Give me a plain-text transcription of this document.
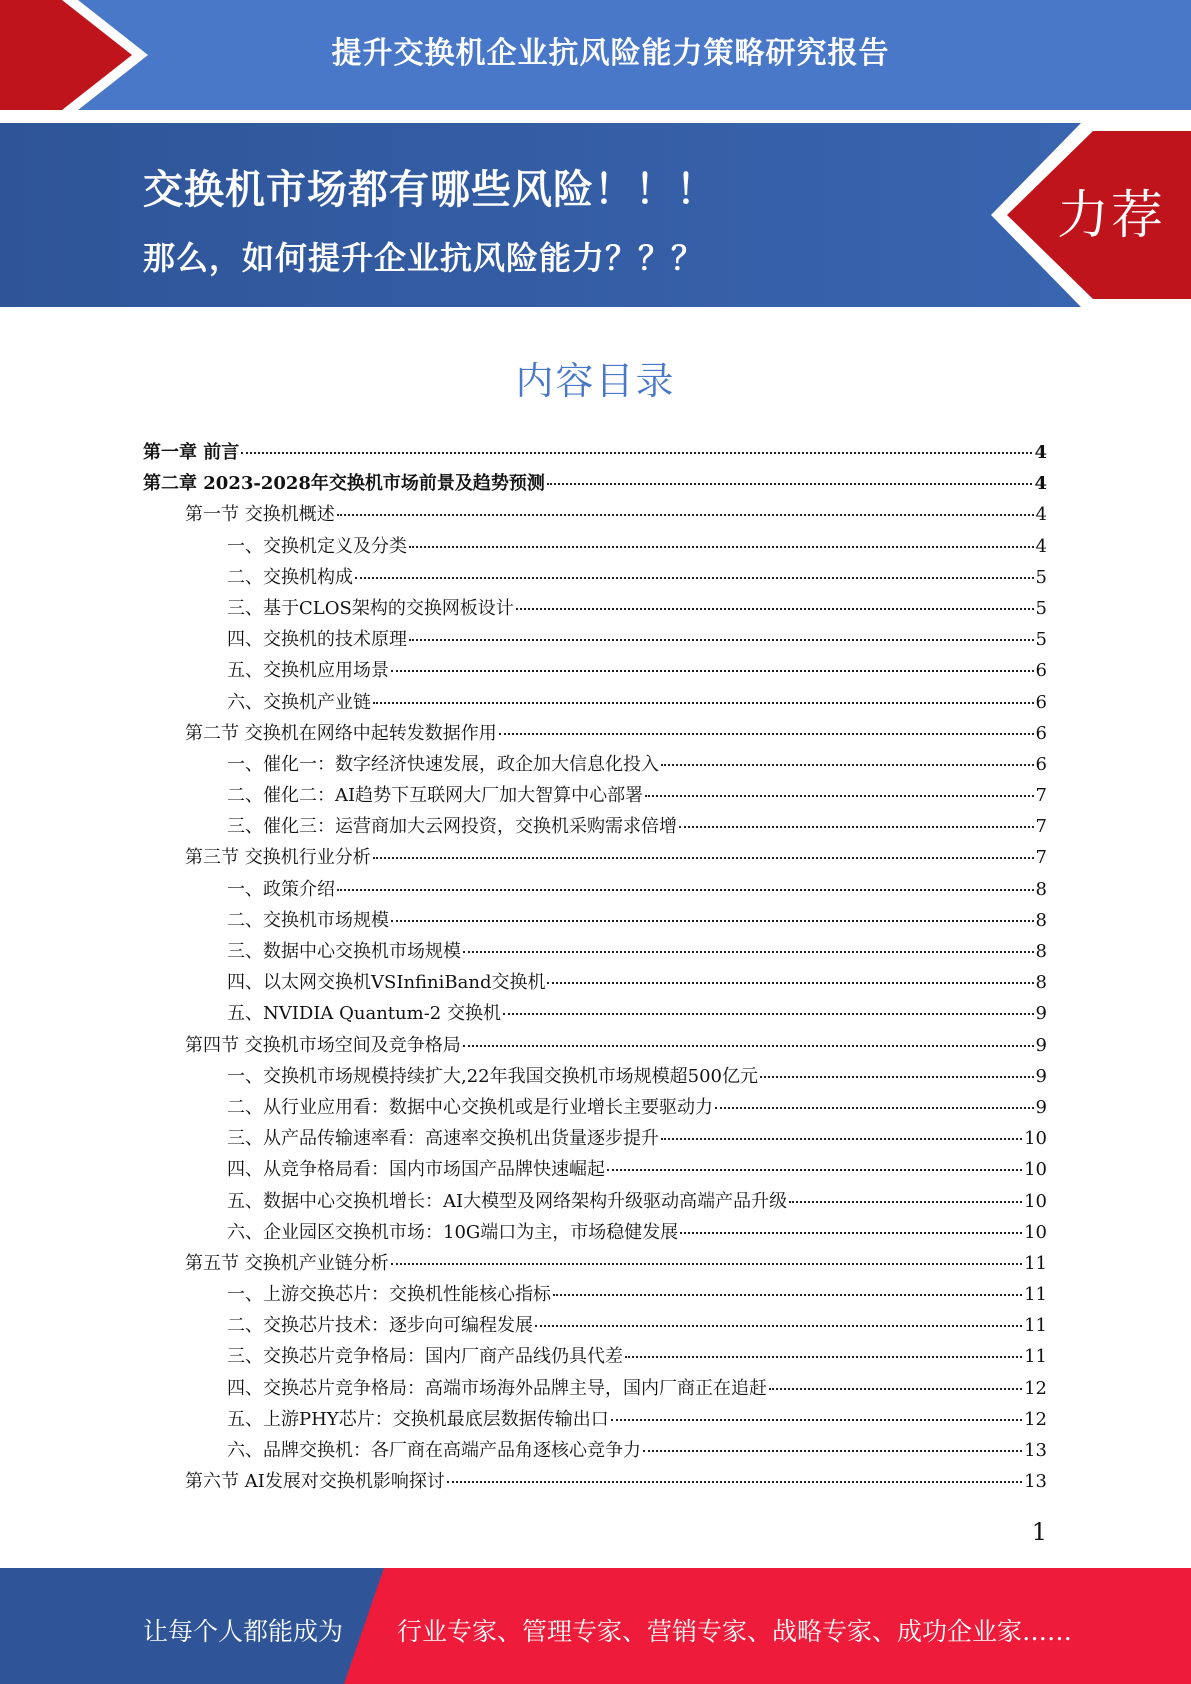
提升交换机企业抗风险能力策略研究报告
交换机市场都有哪些风险！！！
那么，如何提升企业抗风险能力？？？
力荐
内容目录
第一章 前言	4
第二章 2023-2028年交换机市场前景及趋势预测	4
第一节 交换机概述	4
一、交换机定义及分类	4
二、交换机构成	5
三、基于CLOS架构的交换网板设计	5
四、交换机的技术原理	5
五、交换机应用场景	6
六、交换机产业链	6
第二节 交换机在网络中起转发数据作用	6
一、催化一：数字经济快速发展，政企加大信息化投入	6
二、催化二：AI趋势下互联网大厂加大智算中心部署	7
三、催化三：运营商加大云网投资，交换机采购需求倍增	7
第三节 交换机行业分析	7
一、政策介绍	8
二、交换机市场规模	8
三、数据中心交换机市场规模	8
四、以太网交换机VSInfiniBand交换机	8
五、NVIDIA Quantum-2 交换机	9
第四节 交换机市场空间及竞争格局	9
一、交换机市场规模持续扩大,22年我国交换机市场规模超500亿元	9
二、从行业应用看：数据中心交换机或是行业增长主要驱动力	9
三、从产品传输速率看：高速率交换机出货量逐步提升	10
四、从竞争格局看：国内市场国产品牌快速崛起	10
五、数据中心交换机增长：AI大模型及网络架构升级驱动高端产品升级	10
六、企业园区交换机市场：10G端口为主，市场稳健发展	10
第五节 交换机产业链分析	11
一、上游交换芯片：交换机性能核心指标	11
二、交换芯片技术：逐步向可编程发展	11
三、交换芯片竞争格局：国内厂商产品线仍具代差	11
四、交换芯片竞争格局：高端市场海外品牌主导，国内厂商正在追赶	12
五、上游PHY芯片：交换机最底层数据传输出口	12
六、品牌交换机：各厂商在高端产品角逐核心竞争力	13
第六节 AI发展对交换机影响探讨	13
1
让每个人都能成为 行业专家、管理专家、营销专家、战略专家、成功企业家……
